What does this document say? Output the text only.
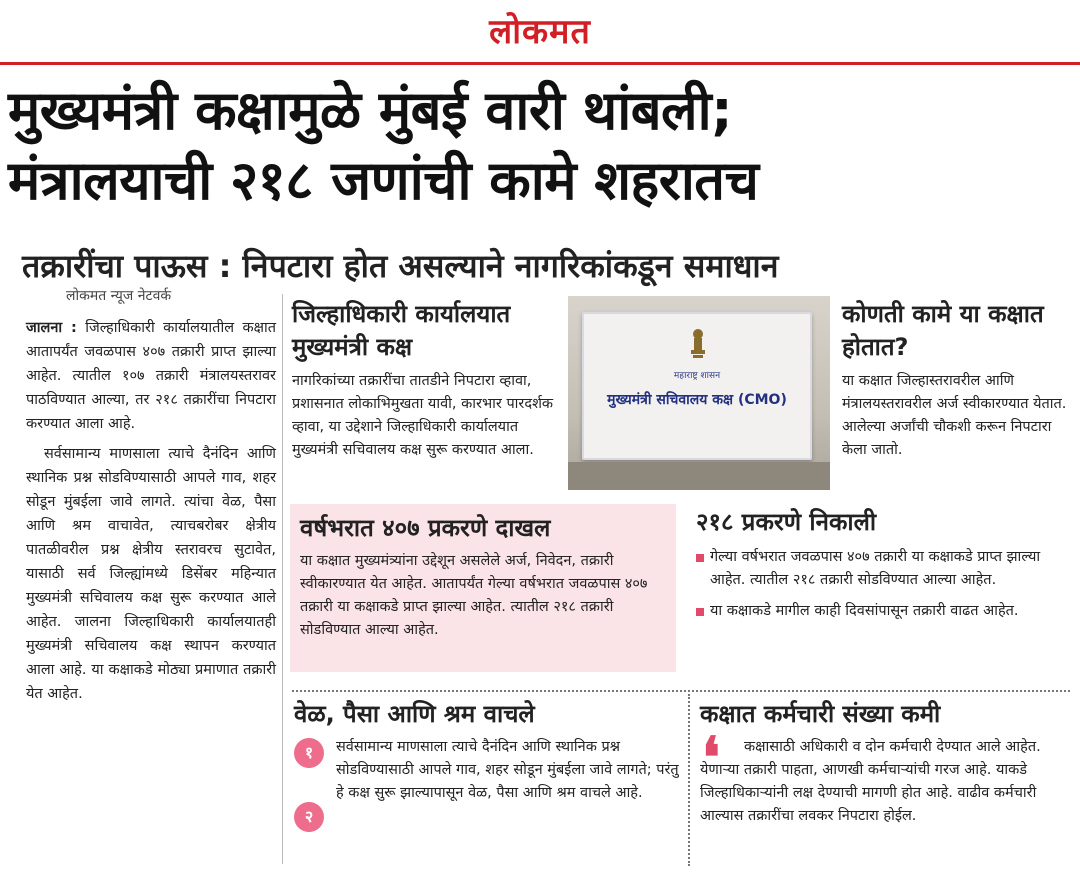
लोकमत
मुख्यमंत्री कक्षामुळे मुंबई वारी थांबली;
मंत्रालयाची २१८ जणांची कामे शहरातच
तक्रारींचा पाऊस : निपटारा होत असल्याने नागरिकांकडून समाधान
लोकमत न्यूज नेटवर्क

जालना : जिल्हाधिकारी कार्यालयातील कक्षात आतापर्यंत जवळपास ४०७ तक्रारी प्राप्त झाल्या आहेत. त्यातील १०७ तक्रारी मंत्रालयस्तरावर पाठविण्यात आल्या, तर २१८ तक्रारींचा निपटारा करण्यात आला आहे.

सर्वसामान्य माणसाला त्याचे दैनंदिन आणि स्थानिक प्रश्न सोडविण्यासाठी आपले गाव, शहर सोडून मुंबईला जावे लागते. त्यांचा वेळ, पैसा आणि श्रम वाचावेत, त्याचबरोबर क्षेत्रीय पातळीवरील प्रश्न क्षेत्रीय स्तरावरच सुटावेत, यासाठी सर्व जिल्ह्यांमध्ये डिसेंबर महिन्यात मुख्यमंत्री सचिवालय कक्ष सुरू करण्यात आले आहेत. जालना जिल्हाधिकारी कार्यालयातही मुख्यमंत्री सचिवालय कक्ष स्थापन करण्यात आला आहे. या कक्षाकडे मोठ्या प्रमाणात तक्रारी येत आहेत.

जिल्हाधिकारी कार्यालयात मुख्यमंत्री कक्ष
नागरिकांच्या तक्रारींचा तातडीने निपटारा व्हावा, प्रशासनात लोकाभिमुखता यावी, कारभार पारदर्शक व्हावा, या उद्देशाने जिल्हाधिकारी कार्यालयात मुख्यमंत्री सचिवालय कक्ष सुरू करण्यात आला.
महाराष्ट्र शासन
मुख्यमंत्री सचिवालय कक्ष (CMO)
कोणती कामे या कक्षात होतात?
या कक्षात जिल्हास्तरावरील आणि मंत्रालयस्तरावरील अर्ज स्वीकारण्यात येतात. आलेल्या अर्जांची चौकशी करून निपटारा केला जातो.
वर्षभरात ४०७ प्रकरणे दाखल
या कक्षात मुख्यमंत्र्यांना उद्देशून असलेले अर्ज, निवेदन, तक्रारी स्वीकारण्यात येत आहेत. आतापर्यंत गेल्या वर्षभरात जवळपास ४०७ तक्रारी या कक्षाकडे प्राप्त झाल्या आहेत. त्यातील २१८ तक्रारी सोडविण्यात आल्या आहेत.
२१८ प्रकरणे निकाली
गेल्या वर्षभरात जवळपास ४०७ तक्रारी या कक्षाकडे प्राप्त झाल्या आहेत. त्यातील २१८ तक्रारी सोडविण्यात आल्या आहेत.
या कक्षाकडे मागील काही दिवसांपासून तक्रारी वाढत आहेत.
वेळ, पैसा आणि श्रम वाचले
१
२
सर्वसामान्य माणसाला त्याचे दैनंदिन आणि स्थानिक प्रश्न सोडविण्यासाठी आपले गाव, शहर सोडून मुंबईला जावे लागते; परंतु हे कक्ष सुरू झाल्यापासून वेळ, पैसा आणि श्रम वाचले आहे.
कक्षात कर्मचारी संख्या कमी
❛	कक्षासाठी अधिकारी व दोन कर्मचारी देण्यात आले आहेत. येणाऱ्या तक्रारी पाहता, आणखी कर्मचाऱ्यांची गरज आहे. याकडे जिल्हाधिकाऱ्यांनी लक्ष देण्याची मागणी होत आहे. वाढीव कर्मचारी आल्यास तक्रारींचा लवकर निपटारा होईल.
